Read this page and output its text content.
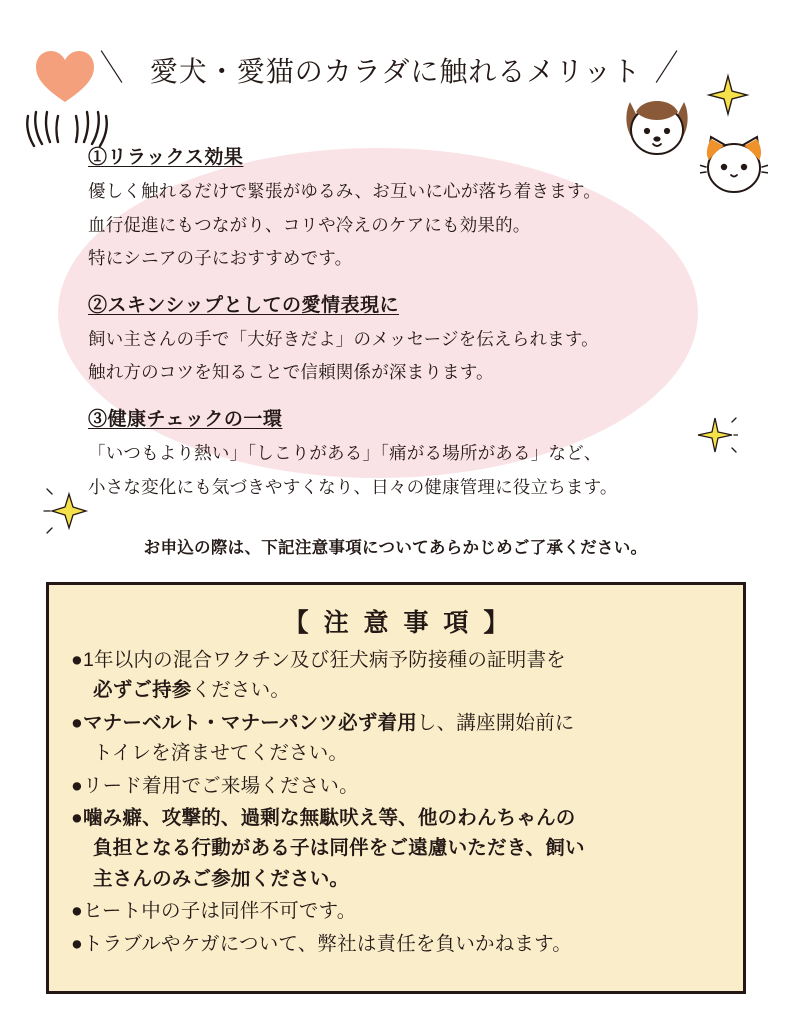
＼ 愛犬・愛猫のカラダに触れるメリット ／
①リラックス効果

優しく触れるだけで緊張がゆるみ、お互いに心が落ち着きます。

血行促進にもつながり、コリや冷えのケアにも効果的。

特にシニアの子におすすめです。

②スキンシップとしての愛情表現に

飼い主さんの手で「大好きだよ」のメッセージを伝えられます。

触れ方のコツを知ることで信頼関係が深まります。

③健康チェックの一環

「いつもより熱い」「しこりがある」「痛がる場所がある」など、

小さな変化にも気づきやすくなり、日々の健康管理に役立ちます。

お申込の際は、下記注意事項についてあらかじめご了承ください。
【 注 意 事 項 】
●1年以内の混合ワクチン及び狂犬病予防接種の証明書を
必ずご持参ください。
●マナーベルト・マナーパンツ必ず着用し、講座開始前に
トイレを済ませてください。
●リード着用でご来場ください。
●噛み癖、攻撃的、過剰な無駄吠え等、他のわんちゃんの
負担となる行動がある子は同伴をご遠慮いただき、飼い
主さんのみご参加ください。
●ヒート中の子は同伴不可です。
●トラブルやケガについて、弊社は責任を負いかねます。
